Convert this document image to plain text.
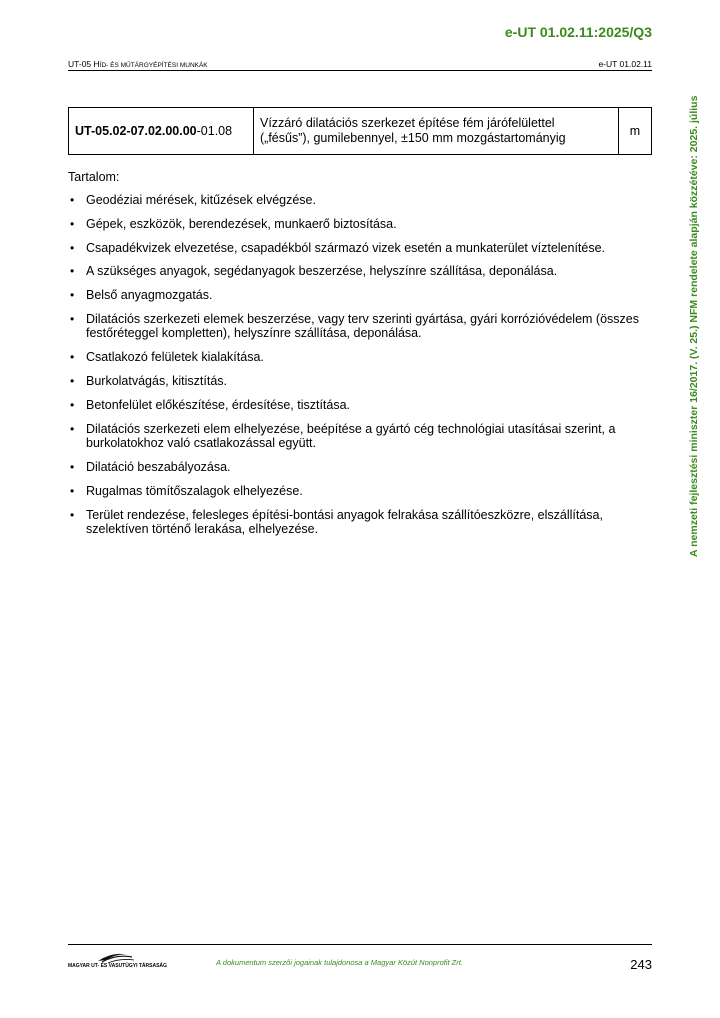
e-UT 01.02.11:2025/Q3
UT-05 HÍD- ÉS MŰTÁRGYÉPÍTÉSI MUNKÁK	e-UT 01.02.11
UT-05.02-07.02.00.00-01.08	
Vízzáró dilatációs szerkezet építése fém járófelülettel
(„fésűs”), gumilebennyel, ±150 mm mozgástartományig	m
Tartalom:
• Geodéziai mérések, kitűzések elvégzése.
• Gépek, eszközök, berendezések, munkaerő biztosítása.
• Csapadékvizek elvezetése, csapadékból származó vizek esetén a munkaterület víztelenítése.
• A szükséges anyagok, segédanyagok beszerzése, helyszínre szállítása, deponálása.
• Belső anyagmozgatás.
• Dilatációs szerkezeti elemek beszerzése, vagy terv szerinti gyártása, gyári korrózióvédelem (összes festőréteggel kompletten), helyszínre szállítása, deponálása.
• Csatlakozó felületek kialakítása.
• Burkolatvágás, kitisztítás.
• Betonfelület előkészítése, érdesítése, tisztítása.
• Dilatációs szerkezeti elem elhelyezése, beépítése a gyártó cég technológiai utasításai szerint, a burkolatokhoz való csatlakozással együtt.
• Dilatáció beszabályozása.
• Rugalmas tömítőszalagok elhelyezése.
• Terület rendezése, felesleges építési-bontási anyagok felrakása szállítóeszközre, elszállítása, szelektíven történő lerakása, elhelyezése.	A nemzeti fejlesztési miniszter 16/2017. (V. 25.) NFM rendelete alapján közzétéve: 2025. július
MAGYAR UT- ÉS VASUTÜGYI TÁRSASÁG	A dokumentum szerzői jogainak tulajdonosa a Magyar Közút Nonprofit Zrt.	243
